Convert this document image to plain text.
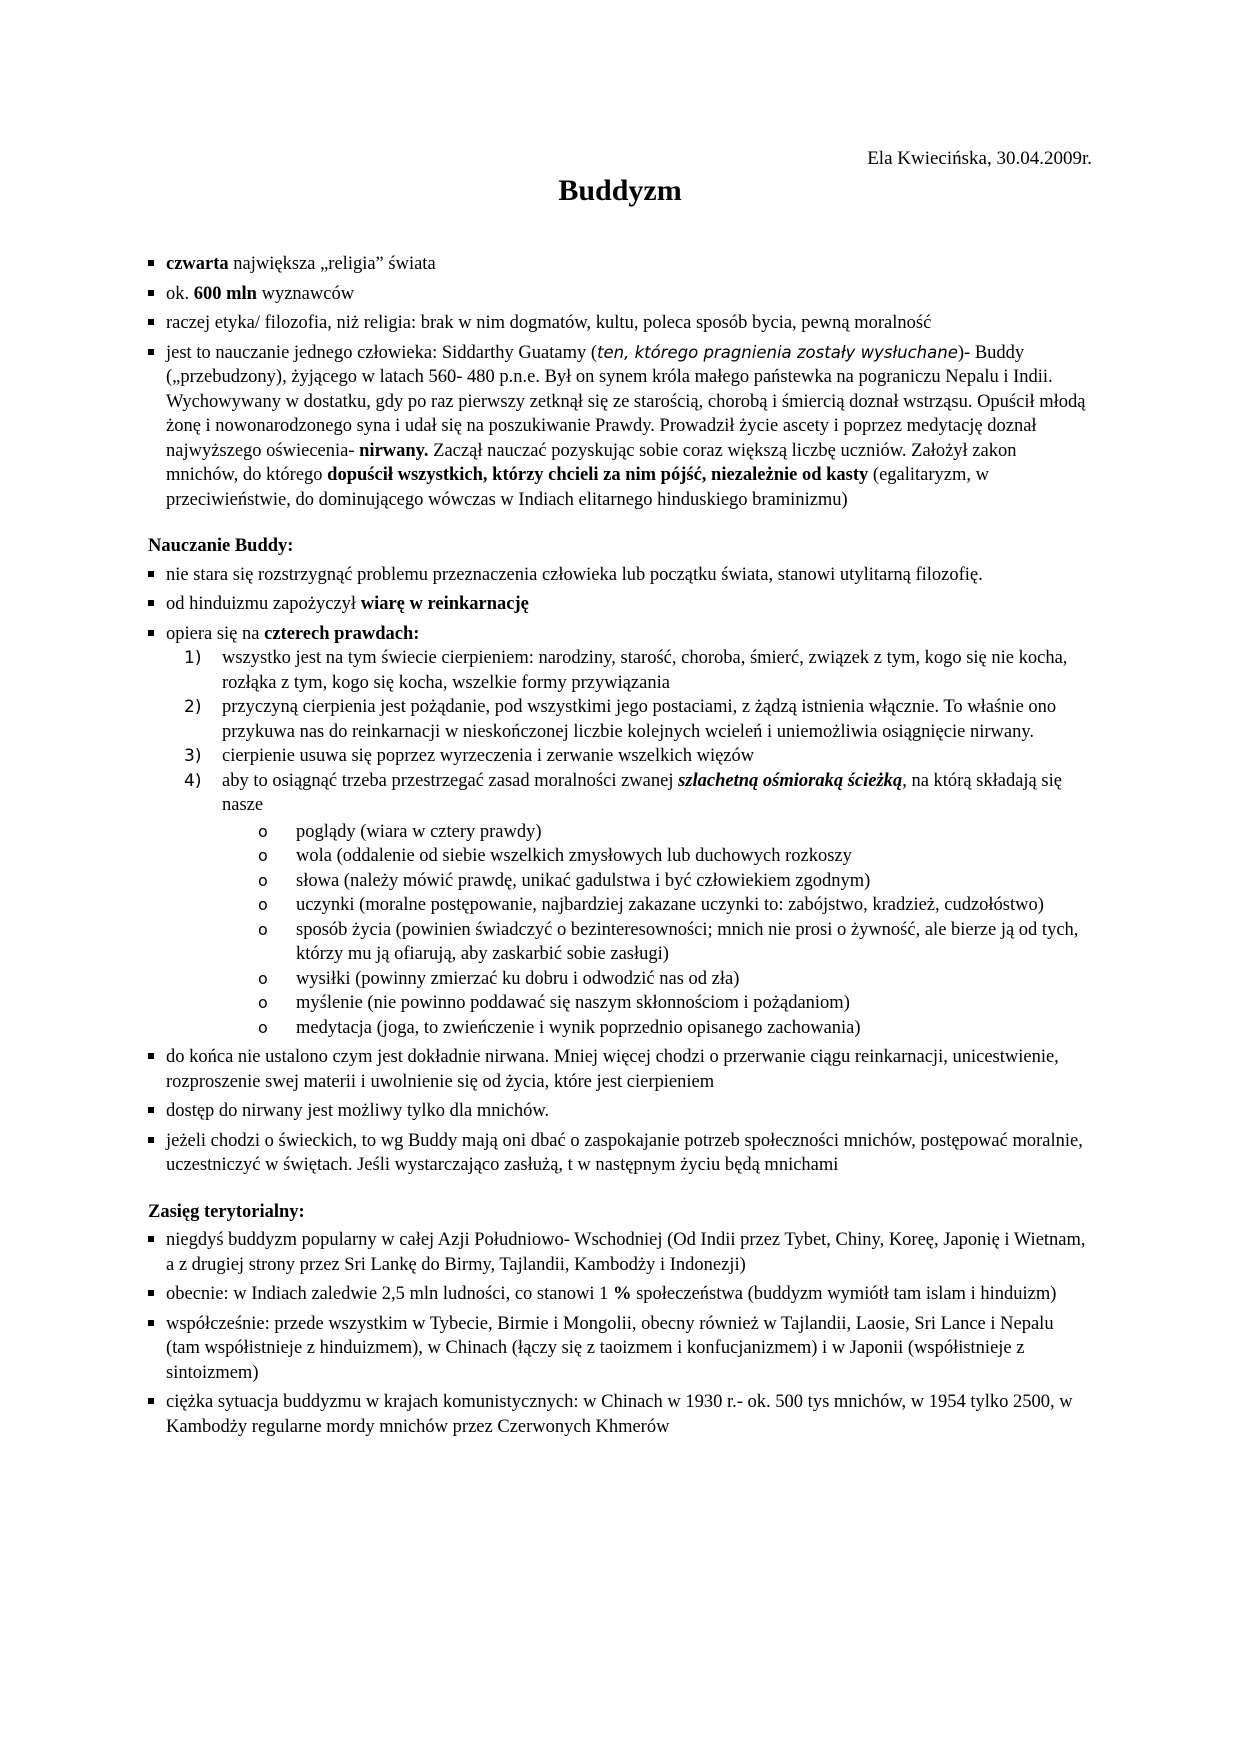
Ela Kwiecińska, 30.04.2009r.
Buddyzm
czwarta największa „religia” świata
ok. 600 mln wyznawców
raczej etyka/ filozofia, niż religia: brak w nim dogmatów, kultu, poleca sposób bycia, pewną moralność
jest to nauczanie jednego człowieka: Siddarthy Guatamy (ten, którego pragnienia zostały wysłuchane)- Buddy („przebudzony), żyjącego w latach 560- 480 p.n.e. Był on synem króla małego państewka na pograniczu Nepalu i Indii. Wychowywany w dostatku, gdy po raz pierwszy zetknął się ze starością, chorobą i śmiercią doznał wstrząsu. Opuścił młodą żonę i nowonarodzonego syna i udał się na poszukiwanie Prawdy. Prowadził życie ascety i poprzez medytację doznał najwyższego oświecenia- nirwany. Zaczął nauczać pozyskując sobie coraz większą liczbę uczniów. Założył zakon mnichów, do którego dopuścił wszystkich, którzy chcieli za nim pójść, niezależnie od kasty (egalitaryzm, w przeciwieństwie, do dominującego wówczas w Indiach elitarnego hinduskiego braminizmu)
Nauczanie Buddy:
nie stara się rozstrzygnąć problemu przeznaczenia człowieka lub początku świata, stanowi utylitarną filozofię.
od hinduizmu zapożyczył wiarę w reinkarnację
opiera się na czterech prawdach:
1) wszystko jest na tym świecie cierpieniem: narodziny, starość, choroba, śmierć, związek z tym, kogo się nie kocha, rozłąka z tym, kogo się kocha, wszelkie formy przywiązania
2) przyczyną cierpienia jest pożądanie, pod wszystkimi jego postaciami, z żądzą istnienia włącznie. To właśnie ono przykuwa nas do reinkarnacji w nieskończonej liczbie kolejnych wcieleń i uniemożliwia osiągnięcie nirwany.
3) cierpienie usuwa się poprzez wyrzeczenia i zerwanie wszelkich więzów
4) aby to osiągnąć trzeba przestrzegać zasad moralności zwanej szlachetną ośmioraką ścieżką, na którą składają się nasze
o poglądy (wiara w cztery prawdy)
o wola (oddalenie od siebie wszelkich zmysłowych lub duchowych rozkoszy
o słowa (należy mówić prawdę, unikać gadulstwa i być człowiekiem zgodnym)
o uczynki (moralne postępowanie, najbardziej zakazane uczynki to: zabójstwo, kradzież, cudzołóstwo)
o sposób życia (powinien świadczyć o bezinteresowności; mnich nie prosi o żywność, ale bierze ją od tych, którzy mu ją ofiarują, aby zaskarbić sobie zasługi)
o wysiłki (powinny zmierzać ku dobru i odwodzić nas od zła)
o myślenie (nie powinno poddawać się naszym skłonnościom i pożądaniom)
o medytacja (joga, to zwieńczenie i wynik poprzednio opisanego zachowania)
do końca nie ustalono czym jest dokładnie nirwana. Mniej więcej chodzi o przerwanie ciągu reinkarnacji, unicestwienie, rozproszenie swej materii i uwolnienie się od życia, które jest cierpieniem
dostęp do nirwany jest możliwy tylko dla mnichów.
jeżeli chodzi o świeckich, to wg Buddy mają oni dbać o zaspokajanie potrzeb społeczności mnichów, postępować moralnie, uczestniczyć w świętach. Jeśli wystarczająco zasłużą, t w następnym życiu będą mnichami
Zasięg terytorialny:
niegdyś buddyzm popularny w całej Azji Południowo- Wschodniej (Od Indii przez Tybet, Chiny, Koreę, Japonię i Wietnam, a z drugiej strony przez Sri Lankę do Birmy, Tajlandii, Kambodży i Indonezji)
obecnie: w Indiach zaledwie 2,5 mln ludności, co stanowi 1 % społeczeństwa (buddyzm wymiótł tam islam i hinduizm)
współcześnie: przede wszystkim w Tybecie, Birmie i Mongolii, obecny również w Tajlandii, Laosie, Sri Lance i Nepalu (tam współistnieje z hinduizmem), w Chinach (łączy się z taoizmem i konfucjanizmem) i w Japonii (współistnieje z sintoizmem)
ciężka sytuacja buddyzmu w krajach komunistycznych: w Chinach w 1930 r.- ok. 500 tys mnichów, w 1954 tylko 2500, w Kambodży regularne mordy mnichów przez Czerwonych Khmerów
